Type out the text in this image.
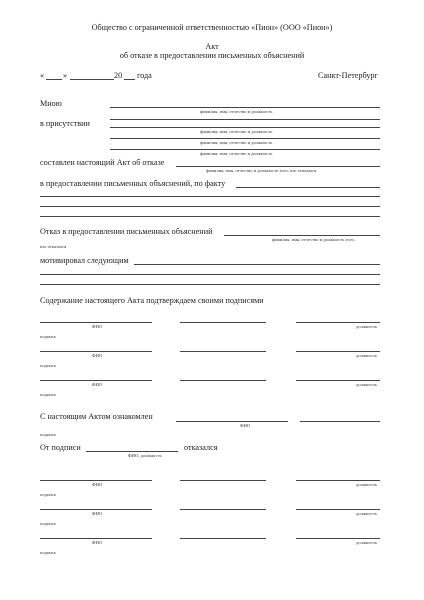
Общество с ограниченной ответственностью «Пион» (ООО «Пион»)
Акт
об отказе в предоставлении письменных объяснений
« »	20 года	Санкт-Петербург
Мною
фамилия, имя, отчество и должность
в присутствии
фамилия, имя, отчество и должность
фамилия, имя, отчество и должность
фамилия, имя, отчество и должность
составлен настоящий Акт об отказе
фамилия, имя, отчество и должность того, кто отказался
в предоставлении письменных объяснений, по факту
Отказ в предоставлении письменных объяснений
фамилия, имя, отчество и должность того,
кто отказался
мотивировал следующим
Содержание настоящего Акта подтверждаем своими подписями
ФИО	должность
подпись
ФИО	должность
подпись
ФИО	должность
подпись
С настоящим Актом ознакомлен
ФИО
подпись
От подписи
ФИО, должность
отказался
ФИО	должность
подпись
ФИО	должность
подпись
ФИО	должность
подпись
